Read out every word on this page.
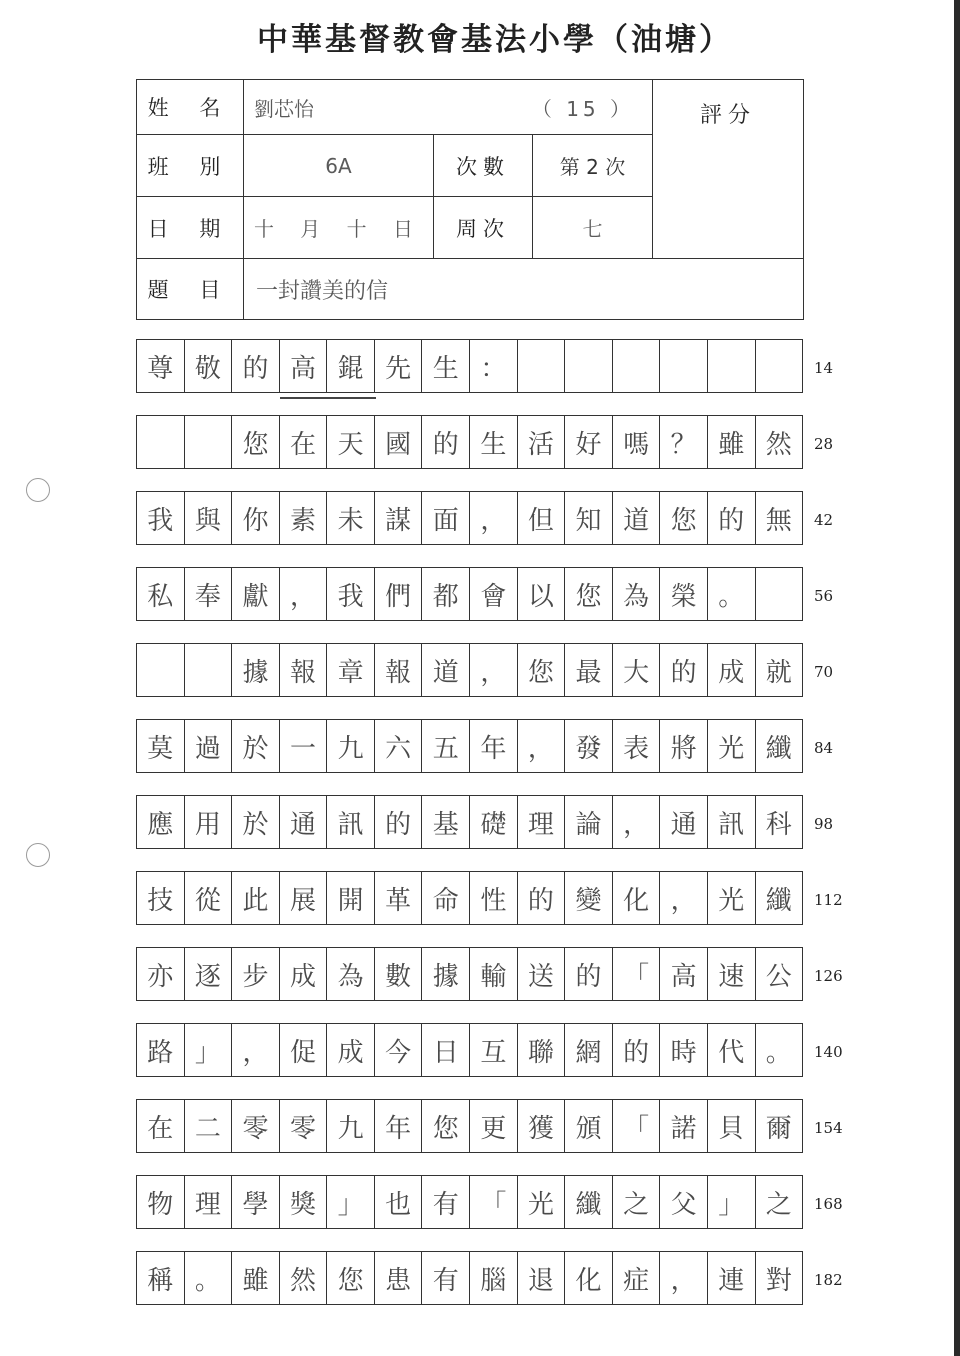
中華基督教會基法小學（油塘）
姓 名	劉芯怡 （ 15 ）			評分

班 別	6A	次數	第 2 次	
日 期	十 月 十 日	周次	七	
題 目	一封讚美的信			
尊 敬 的 高 錕 先 生 ：	14
您 在 天 國 的 生 活 好 嗎 ？ 雖 然	28
我 與 你 素 未 謀 面 ， 但 知 道 您 的 無	42
私 奉 獻 ， 我 們 都 會 以 您 為 榮 。	56
據 報 章 報 道 ， 您 最 大 的 成 就	70
莫 過 於 一 九 六 五 年 ， 發 表 將 光 纖	84
應 用 於 通 訊 的 基 礎 理 論 ， 通 訊 科	98
技 從 此 展 開 革 命 性 的 變 化 ， 光 纖	112
亦 逐 步 成 為 數 據 輸 送 的 「 高 速 公	126
路 」 ， 促 成 今 日 互 聯 網 的 時 代 。	140
在 二 零 零 九 年 您 更 獲 頒 「 諾 貝 爾	154
物 理 學 獎 」 也 有 「 光 纖 之 父 」 之	168
稱 。 雖 然 您 患 有 腦 退 化 症 ， 連 對	182
